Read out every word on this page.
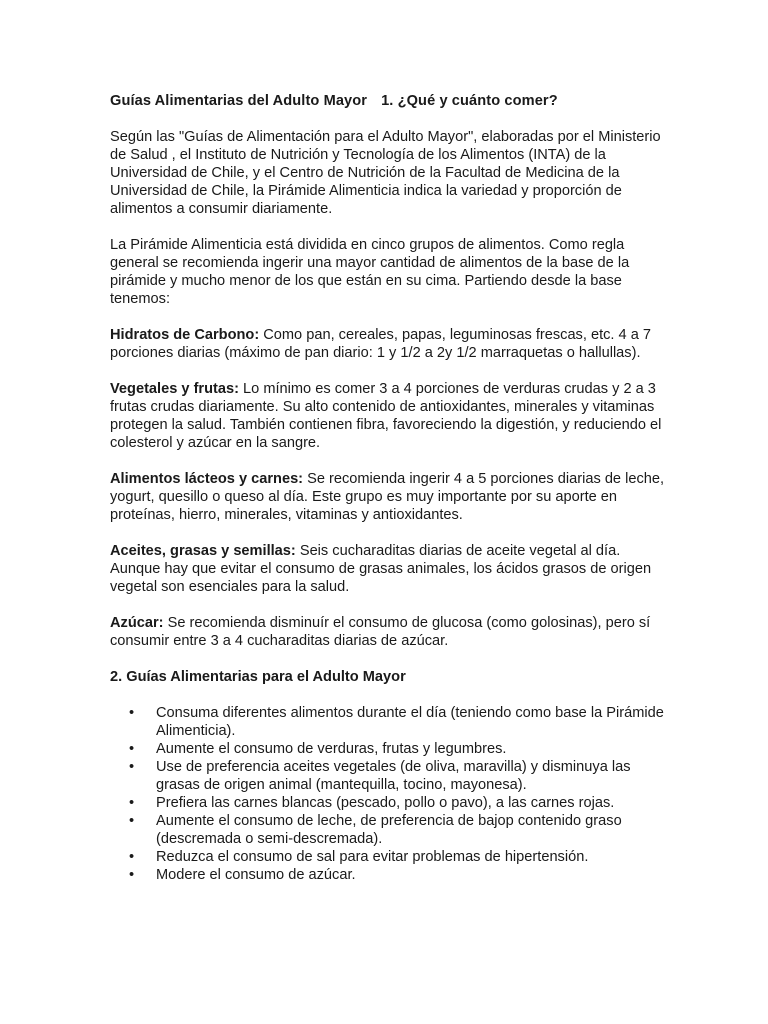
Guías Alimentarias del Adulto Mayor 1. ¿Qué y cuánto comer?

Según las "Guías de Alimentación para el Adulto Mayor", elaboradas por el Ministerio de Salud , el Instituto de Nutrición y Tecnología de los Alimentos (INTA) de la Universidad de Chile, y el Centro de Nutrición de la Facultad de Medicina de la Universidad de Chile, la Pirámide Alimenticia indica la variedad y proporción de alimentos a consumir diariamente.

La Pirámide Alimenticia está dividida en cinco grupos de alimentos. Como regla general se recomienda ingerir una mayor cantidad de alimentos de la base de la pirámide y mucho menor de los que están en su cima. Partiendo desde la base tenemos:

Hidratos de Carbono: Como pan, cereales, papas, leguminosas frescas, etc. 4 a 7 porciones diarias (máximo de pan diario: 1 y 1/2 a 2y 1/2 marraquetas o hallullas).

Vegetales y frutas: Lo mínimo es comer 3 a 4 porciones de verduras crudas y 2 a 3 frutas crudas diariamente. Su alto contenido de antioxidantes, minerales y vitaminas protegen la salud. También contienen fibra, favoreciendo la digestión, y reduciendo el colesterol y azúcar en la sangre.

Alimentos lácteos y carnes: Se recomienda ingerir 4 a 5 porciones diarias de leche, yogurt, quesillo o queso al día. Este grupo es muy importante por su aporte en proteínas, hierro, minerales, vitaminas y antioxidantes.

Aceites, grasas y semillas: Seis cucharaditas diarias de aceite vegetal al día. Aunque hay que evitar el consumo de grasas animales, los ácidos grasos de origen vegetal son esenciales para la salud.

Azúcar: Se recomienda disminuír el consumo de glucosa (como golosinas), pero sí consumir entre 3 a 4 cucharaditas diarias de azúcar.

2. Guías Alimentarias para el Adulto Mayor
• Consuma diferentes alimentos durante el día (teniendo como base la Pirámide Alimenticia).
• Aumente el consumo de verduras, frutas y legumbres.
• Use de preferencia aceites vegetales (de oliva, maravilla) y disminuya las grasas de origen animal (mantequilla, tocino, mayonesa).
• Prefiera las carnes blancas (pescado, pollo o pavo), a las carnes rojas.
• Aumente el consumo de leche, de preferencia de bajop contenido graso (descremada o semi-descremada).
• Reduzca el consumo de sal para evitar problemas de hipertensión.
• Modere el consumo de azúcar.
